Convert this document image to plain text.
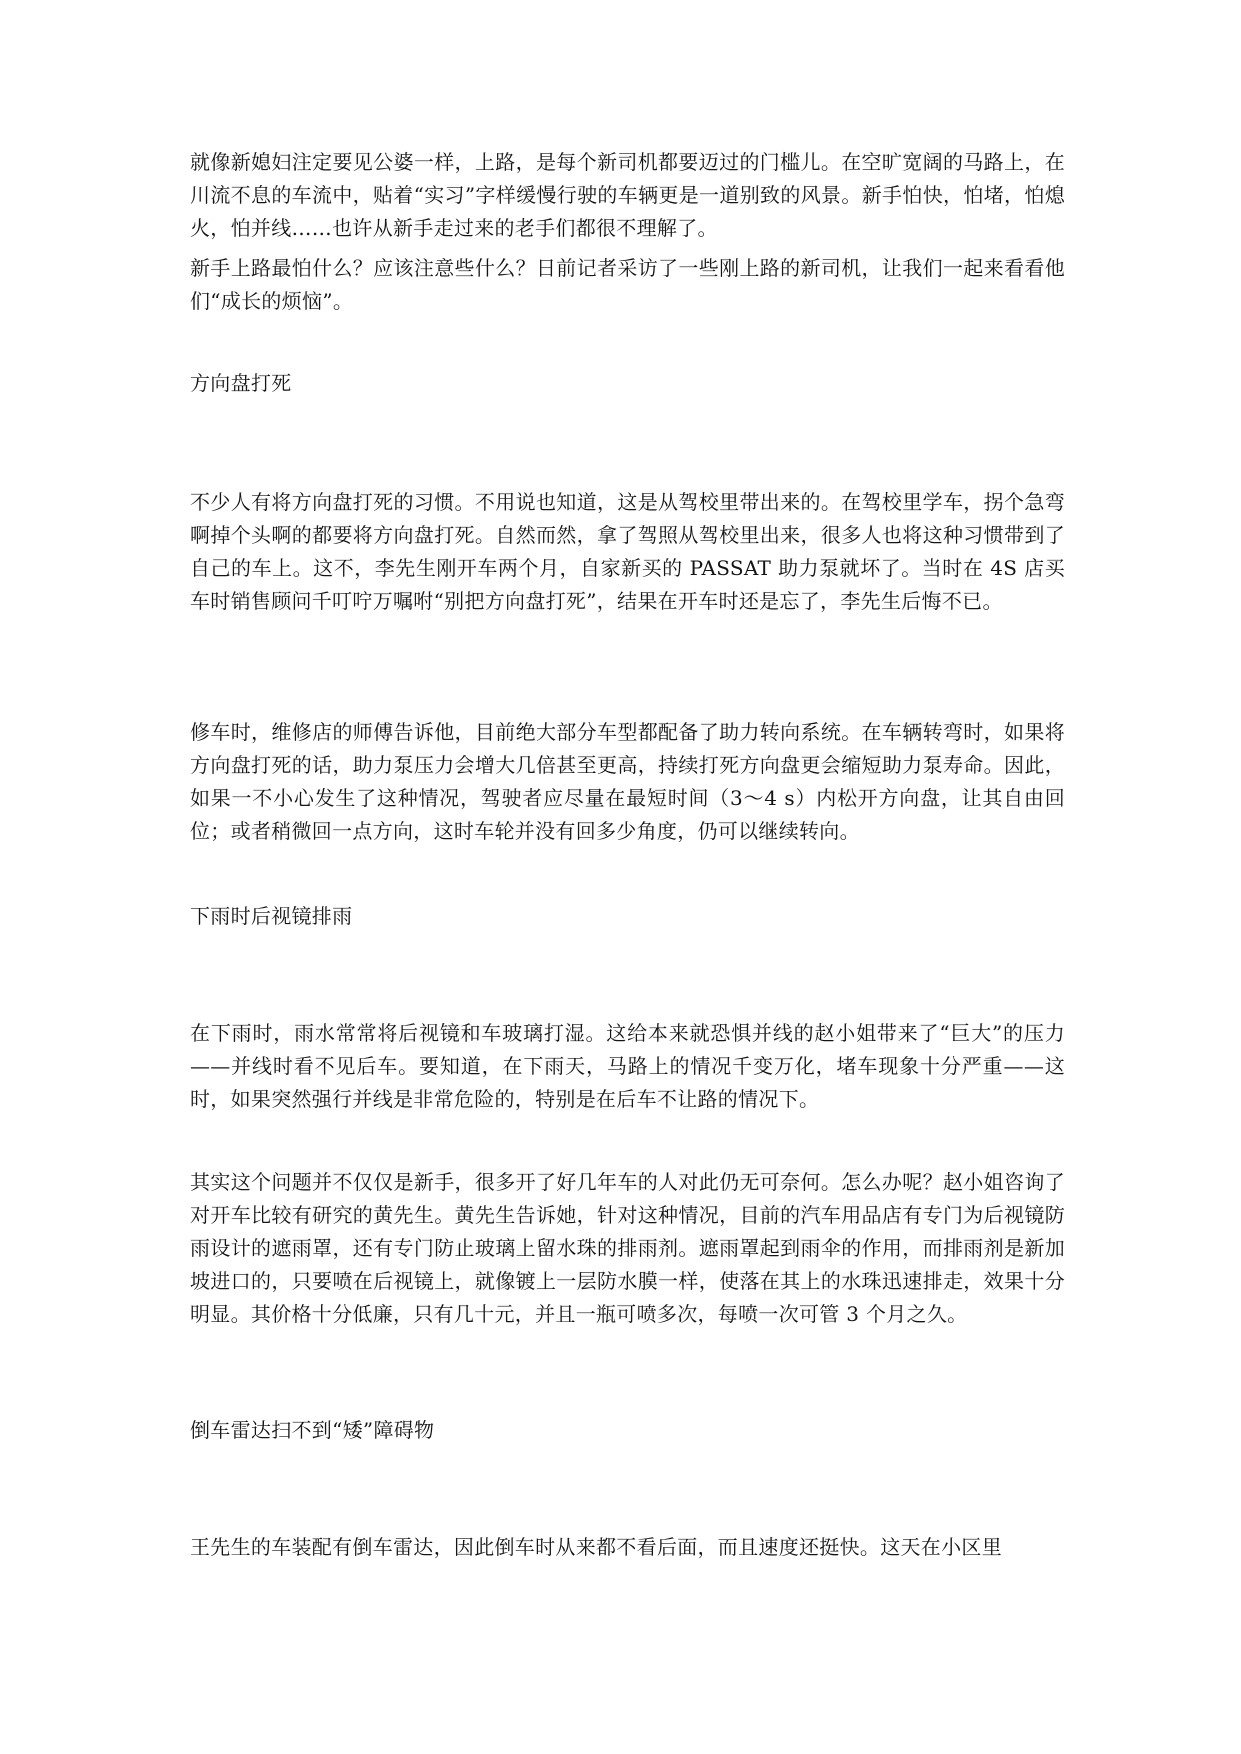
就像新媳妇注定要见公婆一样，上路，是每个新司机都要迈过的门槛儿。在空旷宽阔的马路上，在川流不息的车流中，贴着“实习”字样缓慢行驶的车辆更是一道别致的风景。新手怕快，怕堵，怕熄火，怕并线……也许从新手走过来的老手们都很不理解了。

新手上路最怕什么？应该注意些什么？日前记者采访了一些刚上路的新司机，让我们一起来看看他们“成长的烦恼”。

方向盘打死

不少人有将方向盘打死的习惯。不用说也知道，这是从驾校里带出来的。在驾校里学车，拐个急弯啊掉个头啊的都要将方向盘打死。自然而然，拿了驾照从驾校里出来，很多人也将这种习惯带到了自己的车上。这不，李先生刚开车两个月，自家新买的 PASSAT 助力泵就坏了。当时在 4S 店买车时销售顾问千叮咛万嘱咐“别把方向盘打死”，结果在开车时还是忘了，李先生后悔不已。

修车时，维修店的师傅告诉他，目前绝大部分车型都配备了助力转向系统。在车辆转弯时，如果将方向盘打死的话，助力泵压力会增大几倍甚至更高，持续打死方向盘更会缩短助力泵寿命。因此，如果一不小心发生了这种情况，驾驶者应尽量在最短时间（3～4 s）内松开方向盘，让其自由回位；或者稍微回一点方向，这时车轮并没有回多少角度，仍可以继续转向。

下雨时后视镜排雨

在下雨时，雨水常常将后视镜和车玻璃打湿。这给本来就恐惧并线的赵小姐带来了“巨大”的压力——并线时看不见后车。要知道，在下雨天，马路上的情况千变万化，堵车现象十分严重——这时，如果突然强行并线是非常危险的，特别是在后车不让路的情况下。

其实这个问题并不仅仅是新手，很多开了好几年车的人对此仍无可奈何。怎么办呢？赵小姐咨询了对开车比较有研究的黄先生。黄先生告诉她，针对这种情况，目前的汽车用品店有专门为后视镜防雨设计的遮雨罩，还有专门防止玻璃上留水珠的排雨剂。遮雨罩起到雨伞的作用，而排雨剂是新加坡进口的，只要喷在后视镜上，就像镀上一层防水膜一样，使落在其上的水珠迅速排走，效果十分明显。其价格十分低廉，只有几十元，并且一瓶可喷多次，每喷一次可管 3 个月之久。

倒车雷达扫不到“矮”障碍物

王先生的车装配有倒车雷达，因此倒车时从来都不看后面，而且速度还挺快。这天在小区里
